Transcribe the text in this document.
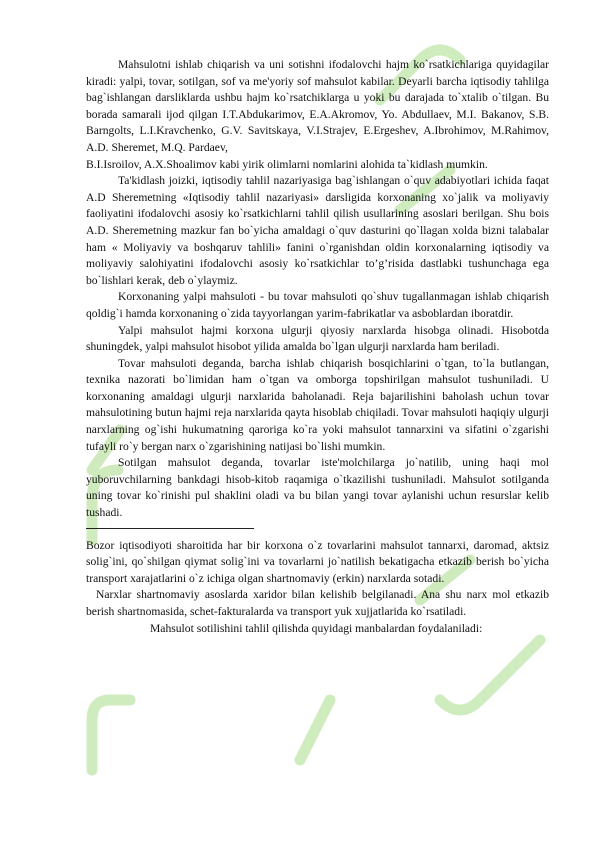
Mahsulotni ishlab chiqarish va uni sotishni ifodalovchi hajm ko`rsatkichlariga quyidagilar kiradi: yalpi, tovar, sotilgan, sof va me'yoriy sof mahsulot kabilar. Deyarli barcha iqtisodiy tahlilga bag`ishlangan darsliklarda ushbu hajm ko`rsatchiklarga u yoki bu darajada to`xtalib o`tilgan. Bu borada samarali ijod qilgan I.T.Abdukarimov, E.A.Akromov, Yo. Abdullaev, M.I. Bakanov, S.B. Barngolts, L.I.Kravchenko, G.V. Savitskaya, V.I.Strajev, E.Ergeshev, A.Ibrohimov, M.Rahimov, A.D. Sheremet, M.Q. Pardaev,

B.I.Isroilov, A.X.Shoalimov kabi yirik olimlarni nomlarini alohida ta`kidlash mumkin.

Ta'kidlash joizki, iqtisodiy tahlil nazariyasiga bag`ishlangan o`quv adabiyotlari ichida faqat A.D Sheremetning «Iqtisodiy tahlil nazariyasi» darsligida korxonaning xo`jalik va moliyaviy faoliyatini ifodalovchi asosiy ko`rsatkichlarni tahlil qilish usullarining asoslari berilgan. Shu bois A.D. Sheremetning mazkur fan bo`yicha amaldagi o`quv dasturini qo`llagan xolda bizni talabalar ham « Moliyaviy va boshqaruv tahlili» fanini o`rganishdan oldin korxonalarning iqtisodiy va moliyaviy salohiyatini ifodalovchi asosiy ko`rsatkichlar to’g’risida dastlabki tushunchaga ega bo`lishlari kerak, deb o`ylaymiz.

Korxonaning yalpi mahsuloti - bu tovar mahsuloti qo`shuv tugallanmagan ishlab chiqarish qoldig`i hamda korxonaning o`zida tayyorlangan yarim-fabrikatlar va asboblardan iboratdir.

Yalpi mahsulot hajmi korxona ulgurji qiyosiy narxlarda hisobga olinadi. Hisobotda shuningdek, yalpi mahsulot hisobot yilida amalda bo`lgan ulgurji narxlarda ham beriladi.

Tovar mahsuloti deganda, barcha ishlab chiqarish bosqichlarini o`tgan, to`la butlangan, texnika nazorati bo`limidan ham o`tgan va omborga topshirilgan mahsulot tushuniladi. U korxonaning amaldagi ulgurji narxlarida baholanadi. Reja bajarilishini baholash uchun tovar mahsulotining butun hajmi reja narxlarida qayta hisoblab chiqiladi. Tovar mahsuloti haqiqiy ulgurji narxlarning og`ishi hukumatning qaroriga ko`ra yoki mahsulot tannarxini va sifatini o`zgarishi tufayli ro`y bergan narx o`zgarishining natijasi bo`lishi mumkin.

Sotilgan mahsulot deganda, tovarlar iste'molchilarga jo`natilib, uning haqi mol yuboruvchilarning bankdagi hisob-kitob raqamiga o`tkazilishi tushuniladi. Mahsulot sotilganda uning tovar ko`rinishi pul shaklini oladi va bu bilan yangi tovar aylanishi uchun resurslar kelib tushadi.

Bozor iqtisodiyoti sharoitida har bir korxona o`z tovarlarini mahsulot tannarxi, daromad, aktsiz solig`ini, qo`shilgan qiymat solig`ini va tovarlarni jo`natilish bekatigacha etkazib berish bo`yicha transport xarajatlarini o`z ichiga olgan shartnomaviy (erkin) narxlarda sotadi.

Narxlar shartnomaviy asoslarda xaridor bilan kelishib belgilanadi. Ana shu narx mol etkazib berish shartnomasida, schet-fakturalarda va transport yuk xujjatlarida ko`rsatiladi.

Mahsulot sotilishini tahlil qilishda quyidagi manbalardan foydalaniladi:
